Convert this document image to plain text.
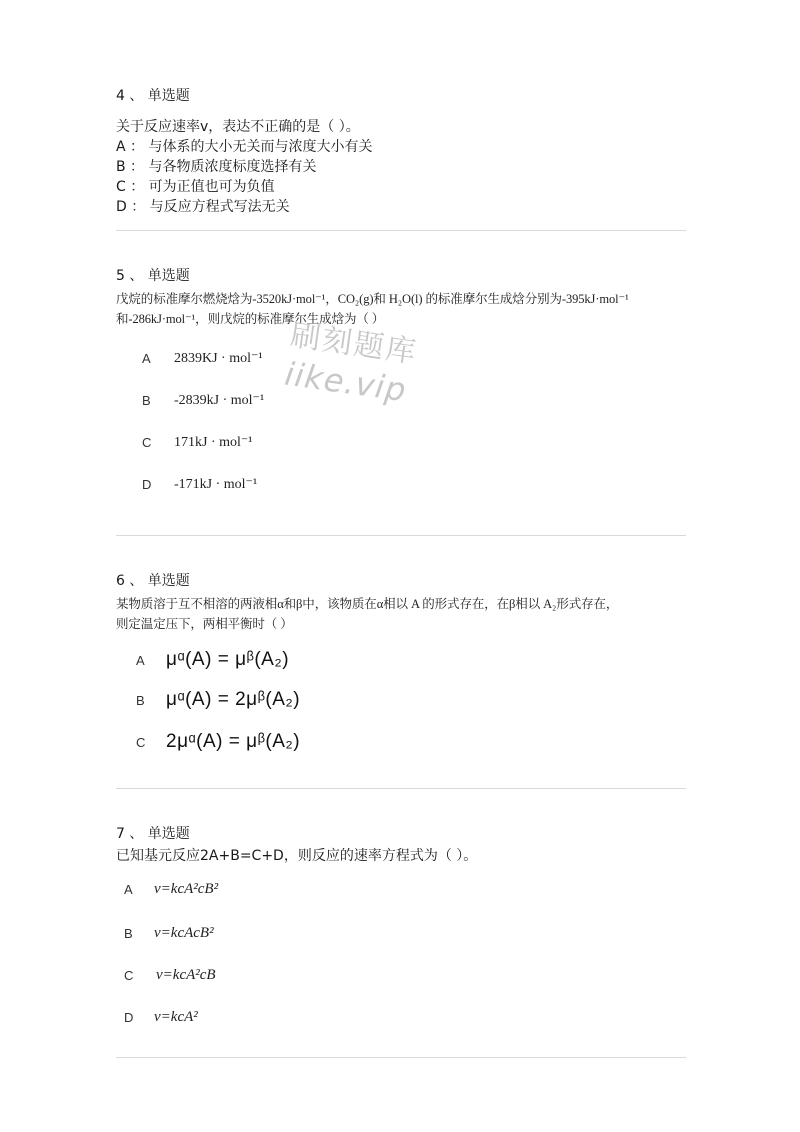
4 、 单选题
关于反应速率v，表达不正确的是（ ）。
A ： 与体系的大小无关而与浓度大小有关
B ： 与各物质浓度标度选择有关
C ： 可为正值也可为负值
D ： 与反应方程式写法无关
5 、 单选题
戊烷的标准摩尔燃烧焓为-3520kJ·mol⁻¹，CO₂(g)和 H₂O(l) 的标准摩尔生成焓分别为-395kJ·mol⁻¹
和-286kJ·mol⁻¹，则戊烷的标准摩尔生成焓为（ ）
A	2839KJ · mol⁻¹
B	-2839kJ · mol⁻¹
C	171kJ · mol⁻¹
D	-171kJ · mol⁻¹
刷刻题库
iike.vip
6 、 单选题
某物质溶于互不相溶的两液相α和β中，该物质在α相以 A 的形式存在，在β相以 A₂形式存在，
则定温定压下，两相平衡时（ ）
A	μᵅ(A) = μᵝ(A₂)
B	μᵅ(A) = 2μᵝ(A₂)
C	2μᵅ(A) = μᵝ(A₂)
7 、 单选题
已知基元反应2A+B=C+D，则反应的速率方程式为（ ）。
A	v=kcA²cB²
B	v=kcAcB²
C	v=kcA²cB
D	v=kcA²
